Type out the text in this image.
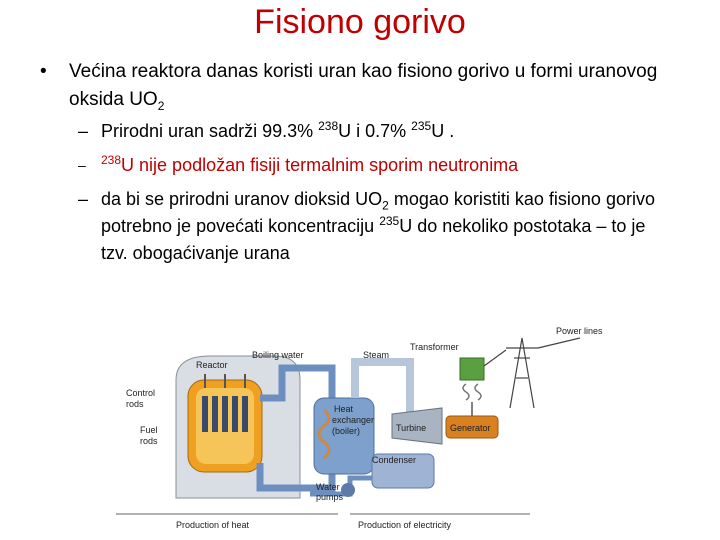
Fisiono gorivo
• Većina reaktora danas koristi uran kao fisiono gorivo u formi uranovog oksida $UO_2$
– Prirodni uran sadrži 99.3% $^{238}$U i 0.7% $^{235}$U .
– $^{238}$U nije podložan fisiji termalnim sporim neutronima
– da bi se prirodni uranov dioksid $UO_2$ mogao koristiti kao fisiono gorivo potrebno je povećati koncentraciju $^{235}$U do nekoliko postotaka – to je tzv. obogaćivanje urana
Power lines
Transformer
Boiling water	Steam
Reactor
Control
rods
Fuel
rods
Heat
exchanger
(boiler)	Turbine	Generator
Condenser
Water
pumps
Production of heat	Production of electricity
